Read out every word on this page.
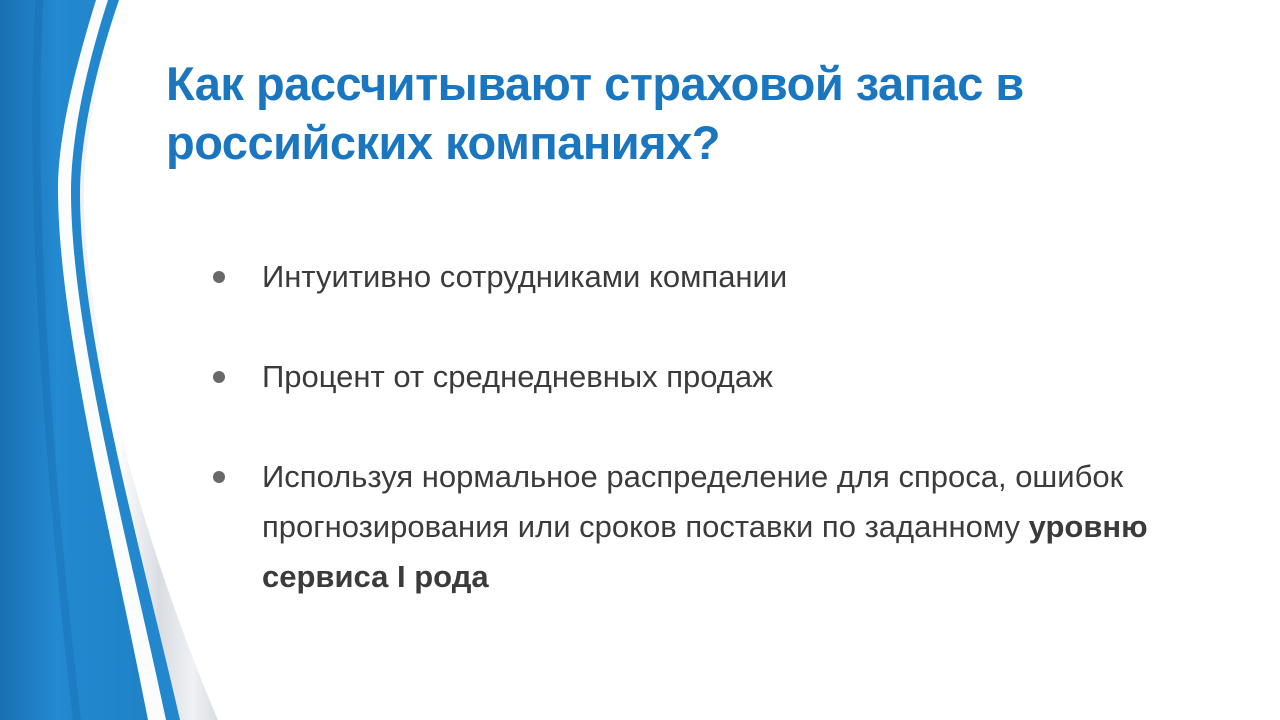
Как рассчитывают страховой запас в
российских компаниях?
Интуитивно сотрудниками компании
Процент от среднедневных продаж
Используя нормальное распределение для спроса, ошибок
прогнозирования или сроков поставки по заданному уровню
сервиса I рода
